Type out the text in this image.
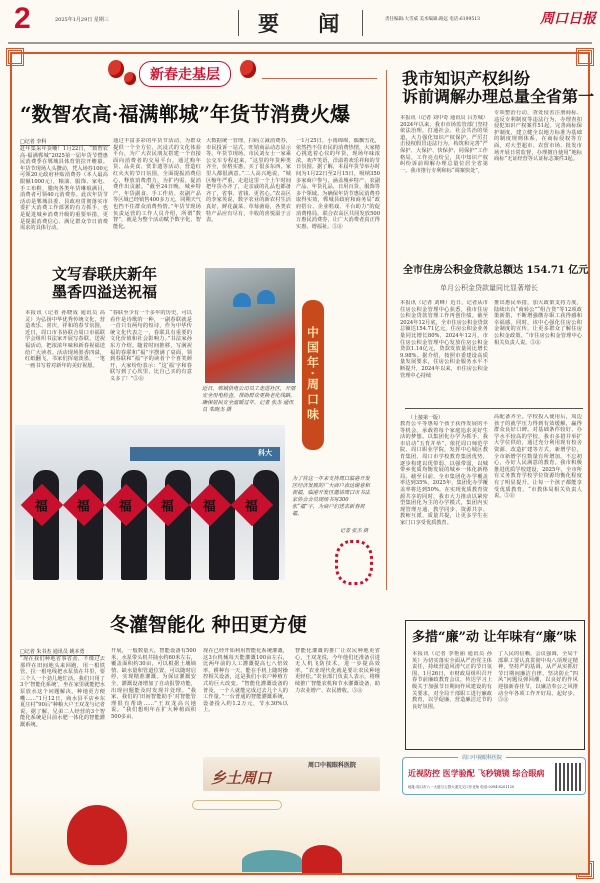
2	2025年1月29日 星期三	要 闻	责任编辑:大雪威 美术编辑:路远 电话:6199513	周口日报
新春走基层
“数智农高·福满郸城”年货节消费火爆
□记者 李科
赶年集采年货嘞！1月22日，“数智农高·福满郸城”2025第一届年货节暨惠民消费季在郸城县体育馆拉开帷幕。年货节现场人头攒动，凭入场券100元可领20元政府补贴消费券（本人最高限额1000元），粮油、服饰、家电、手工布鞋、腊肉各类年货琳琅满目，消费者可领40元消费券。此次年货节活动是郸城县委、县政府贯彻落实市委扩大消费工作部署的有力抓手，也是促进城乡消费升级的重要举措，更是提振消费信心、满足群众节日消费需求的具体行动。
通过丰富多彩的年货节活动，为群众提供一个全方位、沉浸式的文化体验平台，为广大农民朋友搭建一个直接面向消费者的交易平台，通过购年货、品美食、赏非遗等活动，营造红红火火的节日氛围，全面提振消费信心，释放消费潜力，为扩内需、促消费作出贡献。“截至24日晚，城乡特产、年货副食、手工作坊、农副产品等区域已经销售400多万元，同期天气也挡不住群众消费热情。”年货节现场负责运营的工作人员介绍，所谓“数智”，就是为整个活动赋予数字化、智能化。
大数据统一管理，扫码立减消费券，市民投诉一站式，旺销商品动态显示等。年货节现场，市民刘女士一家乘公交车专程赶来，“这里的年货种类齐全，价格实惠，买了很多东西，家里人都很满意。”二人高兴地说，“城区缩年严重，走进这里一个上午时间把年货办齐了，走亲戚的礼品也都备齐了，省事、省钱、更省心。”农高区的李家英说，数字农业的新农村生活真好，鲜花蔬菜、草莓菌菇，各类农特产品应有尽有，丰收的喜悦溢于言表。
一1月25日，小雨绵绵，偶飘雪花，依然挡不住市民的消费热情，大家精心挑选着心仪的年货，现场年味浓浓，欢声笑语，洋溢着欢乐祥和的节日氛围。据了解，本届年货节举办时间为1月22日至2月15日，吸纳350多家商户参与，涵盖城乡特产、农副产品、年货礼品、日用百货、服饰等多个领域。为确保年货节惠民消费券取得实效，郸城县政府和商务局“政府搭台、企业唱戏、平台助力”的促消费格局，联合农高区共同发放500万惠民消费券，让广大消费者真正得实惠、增福祉。⑤⑪
文写春联庆新年
墨香四溢送祝福
本报讯（记者 孙晓成 通讯员 高灵）为弘扬中华优秀传统文化，营造欢乐、喜庆、祥和的春节氛围，近日，周口市书协联合周口市福联学会组织书法家开展写春联、送祝福活动，把浓浓年味和新春祝福送给广大读者。活动现场墨香四溢，红纸翻飞，书家们挥毫泼墨，一笔一画书写着对新年的美好祝愿。
“春联至少有一千多年的历史，可以看作是诗歌的一种，一副春联就是一首只有两句的短诗，作为中华传统文化代表之一，春联具有重要的文化价值和社会影响力。”书法家孙东方介绍。随着时间推移，写满祝福的春联和“福”字摆满了桌面，领到春联和“福”字的读者个个喜笑颜开，大家纷纷表示：“这‘福’字和春联写到了心坎里，比自己买的有意义多了！”⑤⑪
近日，郸城供电公司员工走进社区，开展安全用电检查，帮助群众更换老化线路，确保居民安全温暖过年。记者 张杰 通讯员 朱晓杰 摄	中国年·周口味
科大
福 福 福 福 福 福
为了将这一年来支持周口临港开发区经济发展的广大商户表达谢意和祝福，临港开发区邀请周口市书法家协会会员现场书写300张“福”字，为商户们送去新春祝福。
记者 张杰 摄
我市知识产权纠纷
诉前调解办理总量全省第一
本报讯（记者 刘中奇 通讯员 吕芳城）2024年以来，我市市场监管部门坚持依法治理，打通社会、社会共治的渠道，大力强化知识产权保护，严厉打击侵权假冒违法行为，构筑和完善“严保护、大保护、快保护、同保护”工作格局，工作亮点纷呈，其中知识产权纠纷诉前调解办理总量位居全省第一。我市推行专利和标“调案快处”，
专项整治行动，查处侵害注册商标、违反专利制度等违法行为，办理查扣侵犯知识产权案件51起。完善商标保护制度，建立健全以地方标准为基础的制度规则体系，在商标侵权等方面，对大型超市、农贸市场、批发市场开展日常监督，办理擅自使用“地标商标”无证经营等认证标志案件3起。
全市住房公积金贷款总额达 154.71 亿元
单月公积金贷款量同比显著增长
本报讯（记者 刘峰）近日，记者从市住房公积金管理中心获悉，我市住房公积金贷款管理工作再创佳绩。截至2024年12月底，全市住房公积金贷款总额达154.71亿元，住房公积金业务量同比增长80%，2024年12月，市住房公积金管理中心发放住房公积金贷款1.14亿元，贷款发放量同比增长9.98%。据介绍，按照市委建设高质量发展要求，住房公积金服务水平不断提升，2024年以来，市住房公积金管理中心持续
推出惠民举措，加大政策支持力度，陆续出台“商转公”“组合贷”等12项政策新措，不断增强缴存职工获得感和幸福感。同时，该中心强化住房公积金制度的宣传，让更多群众了解住房公积金政策。“市住房公积金管理中心相关负责人说。⑤⑪
（上接第一版）
教育公平等惠每个孩子获得发展的平等机会。承载着每个家庭追求美好生活的梦想。以集团化办学为抓手，我市启动“五育并举”，依托周口师范学院、周口职业学院，发挥中心城区教育集团、周口市学校教育集团优势，逐步构建以优带弱、以强带弱，以城带乡优质均衡发展的城乡一体化新格局。截至目前，全市集团化办学覆盖率达到35%，2025年，集团化办学覆盖率将达到50%。在实现优质教育资源共享的同时，我市大力推动以紧密型集团化为主的办学模式，集团内实现管理互通、教学同步、资源共享、教师互派、质量共提，让更多学生在家门口享受优质教育。
高配备齐全。学校投入使用后，周边孩子的就学压力得到有效缓解，赢得群众良好口碑。对基础条件较好、办学水平较高的学校，我市多措并举扩大学位供给，通过充分利用现有校舍资源、改造扩建等方式，新增学位，全市新增学位数量有所增加。不忘初心，办好人民满意的教育。我市积极推进优质学校建设，2025年，全市所有义务教育学校学位资源均衡化程度有了明显提升，让每一个孩子都能享受优质教育。“市教体局相关负责人说。⑤⑪
冬灌智能化 种田更方便
□记者 朱书杰 通讯员 姚本勇
“现在我们种地省事省劲，不像过去那样在田间地头来回跑，用一根铁管，拉一根电线把水泵放在井里，要三个人一个劲儿地忙活。我们只用了3个‘智能化系统’，坐在家里就能把水泵放水这个问题解决，种地更方便嘞……”1月12日，商水县平店乡东夏庄村“90后”种粮大户王双龙与记者说。据了解，兄弟二人经营的3个智能化系统是目前水肥一体化的智能灌溉系统。
开展，一般数量大，智能设备有500米，水泵带头机井抽水约60米左右，覆盖面积约30亩，可以根据土壤墒情、缺水量和管道位置，可以随时启停，实现精准灌溉。为保证灌溉安全，灌溉设备增加了自动报警功能，出现问题能及时发现并处理。“我家，我们的‘田间智能助手’对智能管理很有帮助……”王双龙高兴地说。“我们想明年在扩大种植面积500多亩，
现在已经开始利用智能化系统灌溉，这3台机械每天能灌溉100亩左右，比两年前的人工灌溉提高七八倍效率。耕种有一天，能在手机上随时操控相关设备，这是我们小农户种植方式的巨大改变。“智能化灌溉设备的普及，一个人就能完成过去几个人的工作量。”一台普通的智能灌溉系统，设备投入约1.2万元，节水30%以上。
智能化灌溉的推广让农民种地更省心，王双龙说，今年他们还准备引进无人机飞防技术，进一步提高效率。“农业现代化就是要让农民种地更轻松。”农业部门负责人表示，将继续推广智能农机和节水灌溉设备，助力农业增产、农民增收。⑤⑪
乡土周口
周口中视眼科医院
多措“廉”动 让年味有“廉”味
本报讯（记者 李艳丽 通讯员 孙英）为切实落实全面从严治党主体责任，持续营造风清气正的节日氛围，1月26日，市财政局组织召开春节前廉政教育会议，传达学习上级关于加强节日期间作风建设的有关要求，对全局干部职工进行廉政教育，以学促廉，营造廉洁过节的良好氛围。
了人民的信赖。会议强调，全局干部职工要认真贯彻中央八项规定精神，坚持严的基调，从严从实抓好节日期间廉洁自律，坚决防止“四风”问题反弹回潮，以良好的作风迎接新春佳节，以廉洁奉公之风推动全年各项工作开好局、起好步。⑤⑪
周口中视眼科医院
近视防控 医学验配 飞秒镜镜 综合眼病
地址:周口市八一大道与公园大道交叉口东北角 电话:0394-8201120
